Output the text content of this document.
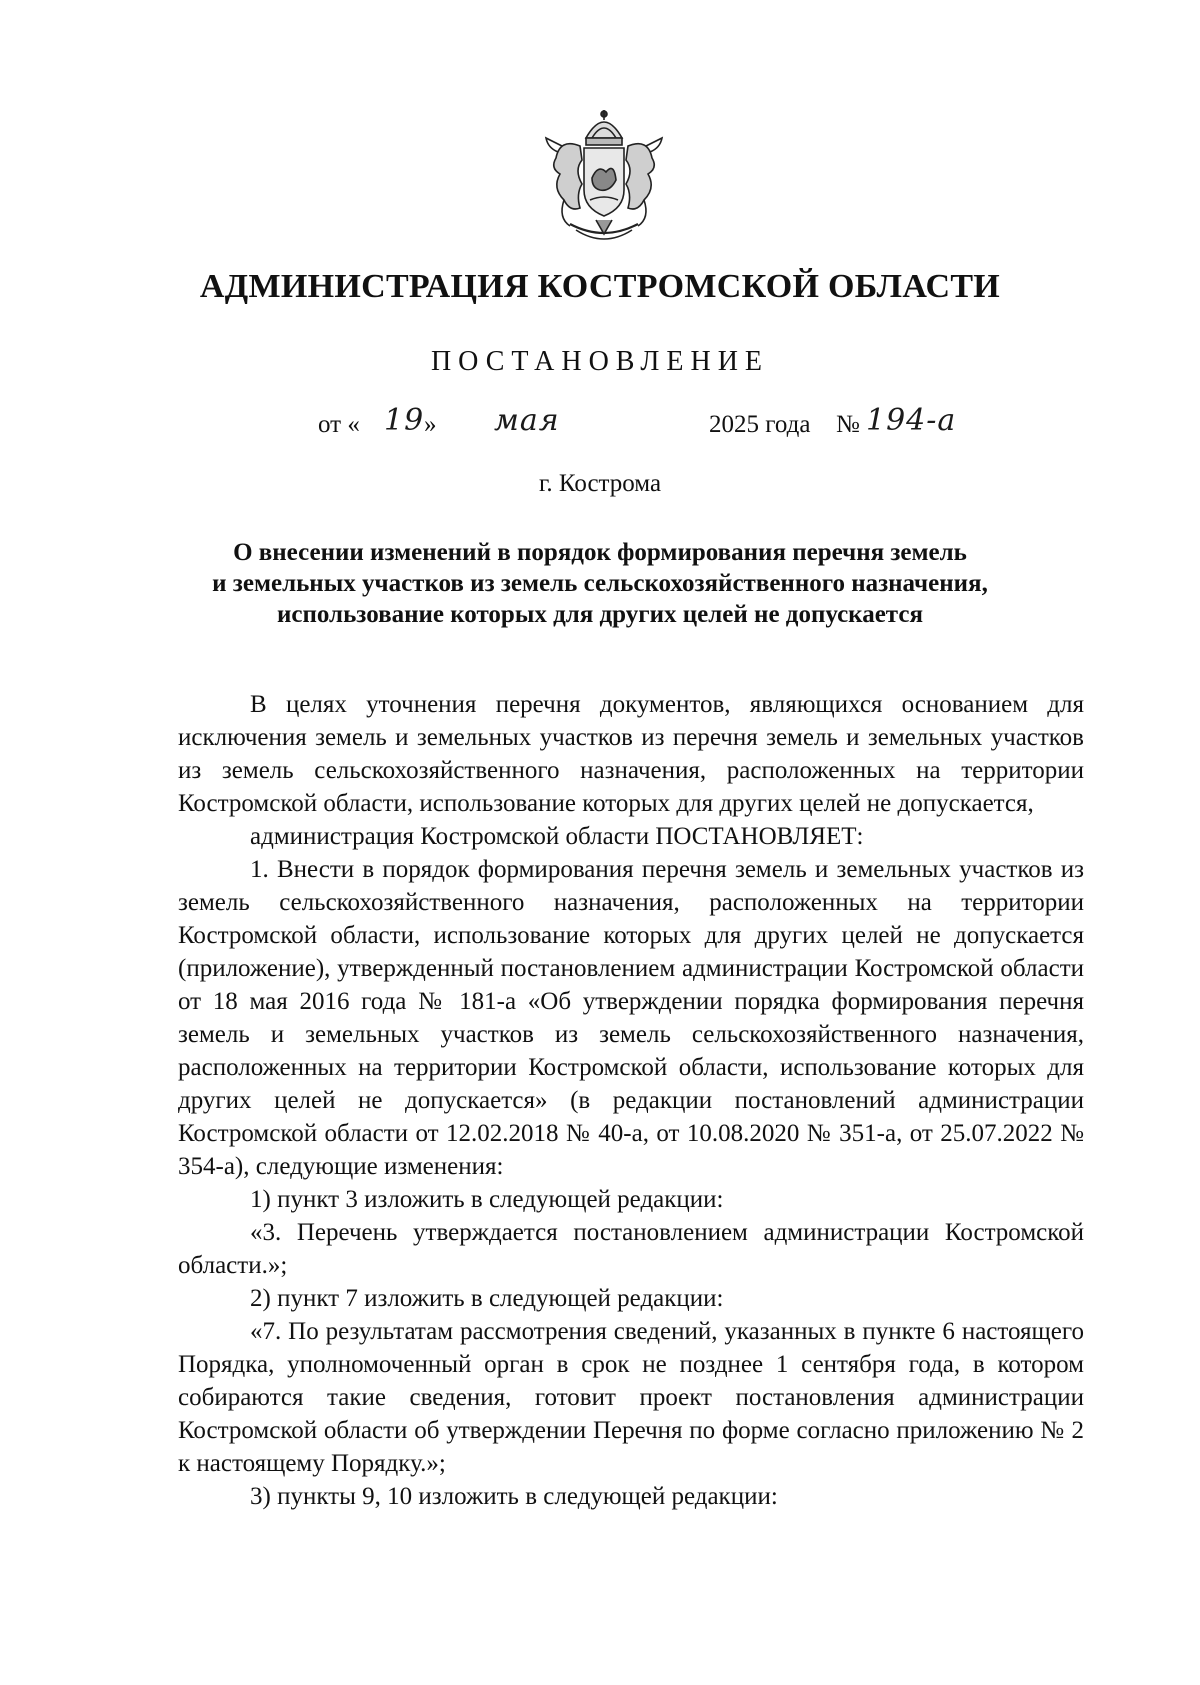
АДМИНИСТРАЦИЯ КОСТРОМСКОЙ ОБЛАСТИ
ПОСТАНОВЛЕНИЕ
от « 19 » мая	2025 года № 194-а
г. Кострома
О внесении изменений в порядок формирования перечня земель
и земельных участков из земель сельскохозяйственного назначения,
использование которых для других целей не допускается

В целях уточнения перечня документов, являющихся основанием для исключения земель и земельных участков из перечня земель и земельных участков из земель сельскохозяйственного назначения, расположенных на территории Костромской области, использование которых для других целей не допускается,

администрация Костромской области ПОСТАНОВЛЯЕТ:

1. Внести в порядок формирования перечня земель и земельных участков из земель сельскохозяйственного назначения, расположенных на территории Костромской области, использование которых для других целей не допускается (приложение), утвержденный постановлением администрации Костромской области от 18 мая 2016 года № 181-а «Об утверждении порядка формирования перечня земель и земельных участков из земель сельскохозяйственного назначения, расположенных на территории Костромской области, использование которых для других целей не допускается» (в редакции постановлений администрации Костромской области от 12.02.2018 № 40-а, от 10.08.2020 № 351-а, от 25.07.2022 № 354-а), следующие изменения:

1) пункт 3 изложить в следующей редакции:

«3. Перечень утверждается постановлением администрации Костромской области.»;

2) пункт 7 изложить в следующей редакции:

«7. По результатам рассмотрения сведений, указанных в пункте 6 настоящего Порядка, уполномоченный орган в срок не позднее 1 сентября года, в котором собираются такие сведения, готовит проект постановления администрации Костромской области об утверждении Перечня по форме согласно приложению № 2 к настоящему Порядку.»;

3) пункты 9, 10 изложить в следующей редакции:
